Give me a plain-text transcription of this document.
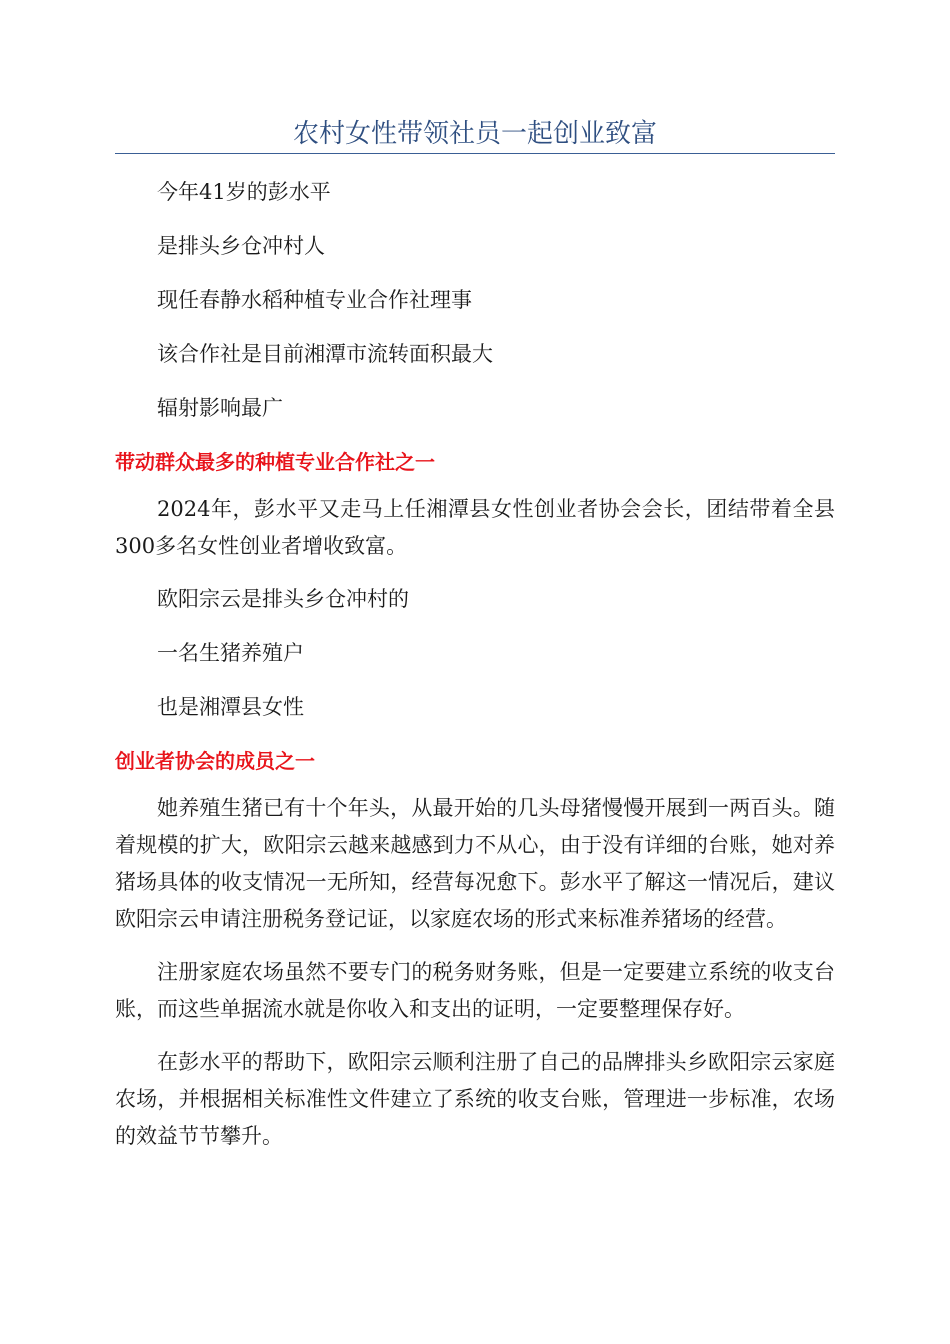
农村女性带领社员一起创业致富

今年41岁的彭水平

是排头乡仓冲村人

现任春静水稻种植专业合作社理事

该合作社是目前湘潭市流转面积最大

辐射影响最广

带动群众最多的种植专业合作社之一

2024年，彭水平又走马上任湘潭县女性创业者协会会长，团结带着全县300多名女性创业者增收致富。

欧阳宗云是排头乡仓冲村的

一名生猪养殖户

也是湘潭县女性

创业者协会的成员之一

她养殖生猪已有十个年头，从最开始的几头母猪慢慢开展到一两百头。随着规模的扩大，欧阳宗云越来越感到力不从心，由于没有详细的台账，她对养猪场具体的收支情况一无所知，经营每况愈下。彭水平了解这一情况后，建议欧阳宗云申请注册税务登记证，以家庭农场的形式来标准养猪场的经营。

注册家庭农场虽然不要专门的税务财务账，但是一定要建立系统的收支台账，而这些单据流水就是你收入和支出的证明，一定要整理保存好。

在彭水平的帮助下，欧阳宗云顺利注册了自己的品牌排头乡欧阳宗云家庭农场，并根据相关标准性文件建立了系统的收支台账，管理进一步标准，农场的效益节节攀升。
